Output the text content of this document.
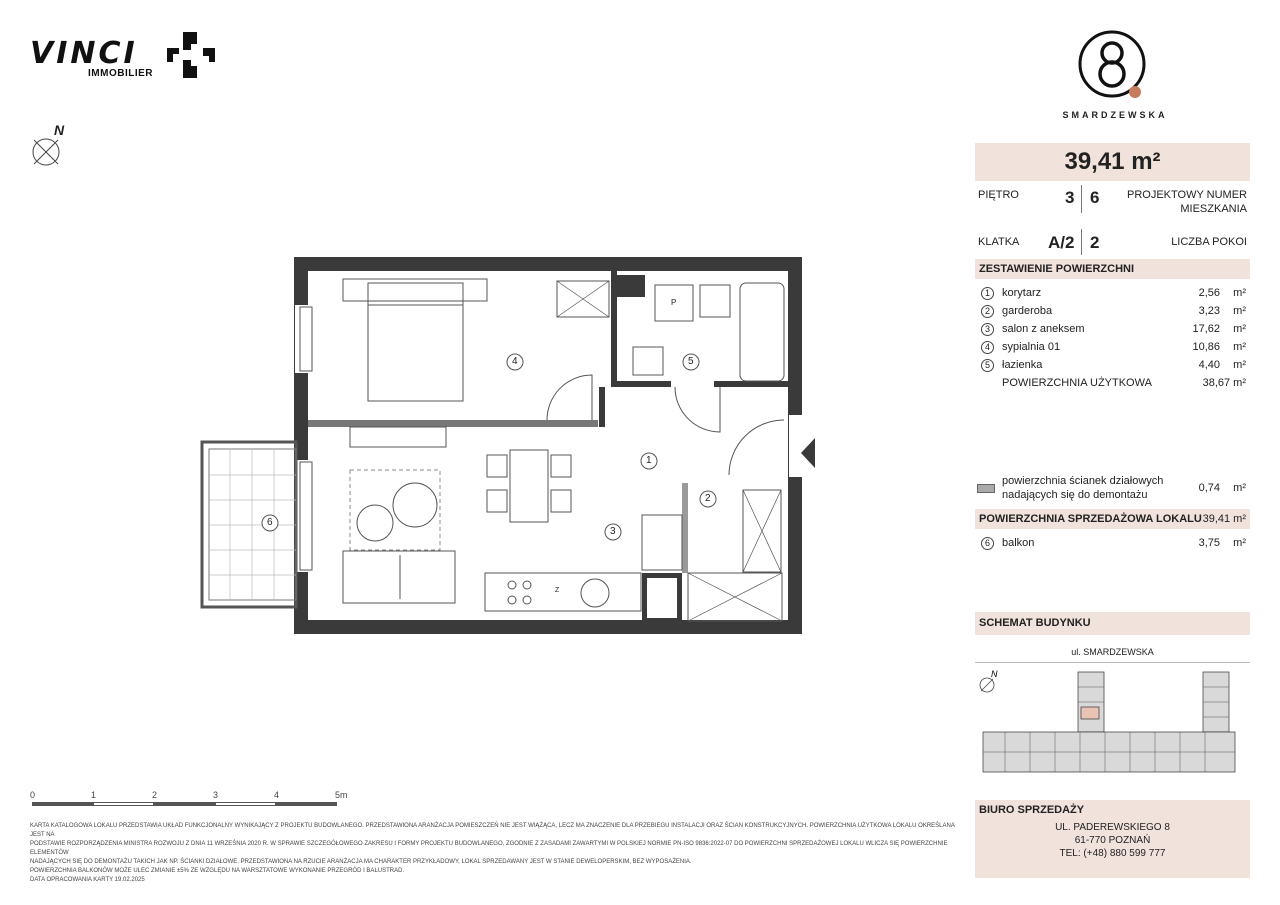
VINCI
IMMOBILIER
SMARDZEWSKA
N
4	5
1
2
3
6
P
Z
39,41 m²
PIĘTRO	3 6	PROJEKTOWY NUMER
MIESZKANIA
KLATKA A/2 2	LICZBA POKOI
ZESTAWIENIE POWIERZCHNI
1	korytarz	2,56 m²
2	garderoba	3,23 m²
3	salon z aneksem	17,62 m²
4	sypialnia 01	10,86 m²
5	łazienka	4,40 m²
POWIERZCHNIA UŻYTKOWA	38,67 m²
powierzchnia ścianek działowych
nadających się do demontażu
0,74 m²
POWIERZCHNIA SPRZEDAŻOWA LOKALU 39,41 m²
6	balkon	3,75 m²
SCHEMAT BUDYNKU
ul. SMARDZEWSKA
N
0	1	2	3	4	5m
KARTA KATALOGOWA LOKALU PRZEDSTAWIA UKŁAD FUNKCJONALNY WYNIKAJĄCY Z PROJEKTU BUDOWLANEGO. PRZEDSTAWIONA ARANŻACJA POMIESZCZEŃ NIE JEST WIĄŻĄCA, LECZ MA ZNACZENIE DLA PRZEBIEGU INSTALACJI ORAZ ŚCIAN KONSTRUKCYJNYCH. POWIERZCHNIA UŻYTKOWA LOKALU OKREŚLANA JEST NA
PODSTAWIE ROZPORZĄDZENIA MINISTRA ROZWOJU Z DNIA 11 WRZEŚNIA 2020 R. W SPRAWIE SZCZEGÓŁOWEGO ZAKRESU I FORMY PROJEKTU BUDOWLANEGO, ZGODNIE Z ZASADAMI ZAWARTYMI W POLSKIEJ NORMIE PN-ISO 9836:2022-07 DO POWIERZCHNI SPRZEDAŻOWEJ LOKALU WLICZA SIĘ POWIERZCHNIE ELEMENTÓW
NADAJĄCYCH SIĘ DO DEMONTAŻU TAKICH JAK NP. ŚCIANKI DZIAŁOWE. PRZEDSTAWIONA NA RZUCIE ARANŻACJA MA CHARAKTER PRZYKŁADOWY, LOKAL SPRZEDAWANY JEST W STANIE DEWELOPERSKIM, BEZ WYPOSAŻENIA.
POWIERZCHNIA BALKONÓW MOŻE ULEC ZMIANIE ±5% ZE WZGLĘDU NA WARSZTATOWE WYKONANIE PRZEGRÓD I BALUSTRAD.
DATA OPRACOWANIA KARTY 19.02.2025
BIURO SPRZEDAŻY
UL. PADEREWSKIEGO 8
61-770 POZNAŃ
TEL: (+48) 880 599 777
